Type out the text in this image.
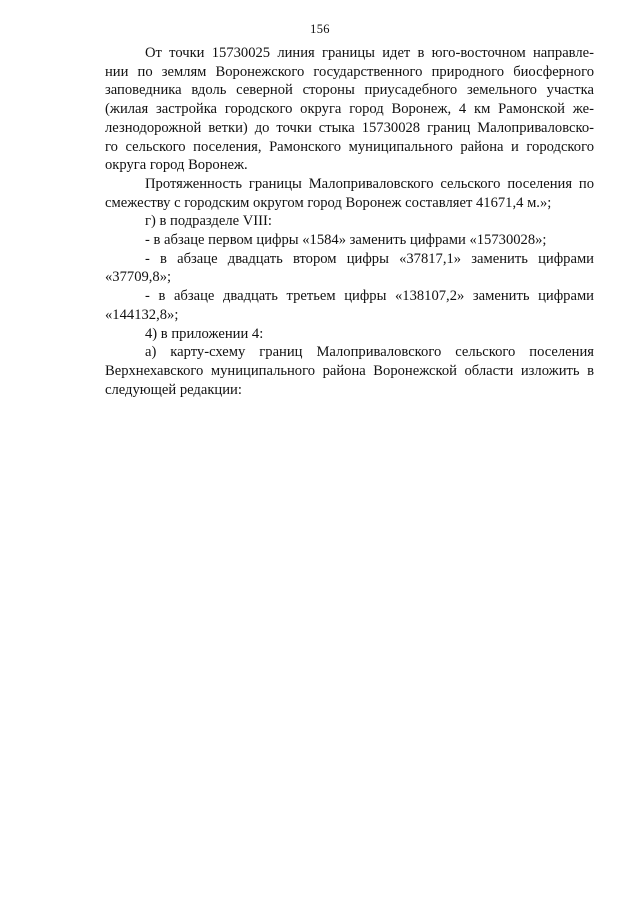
156

От точки 15730025 линия границы идет в юго-восточном направле-

нии по землям Воронежского государственного природного биосферного

заповедника вдоль северной стороны приусадебного земельного участка

(жилая застройка городского округа город Воронеж, 4 км Рамонской же-

лезнодорожной ветки) до точки стыка 15730028 границ Малоприваловско-

го сельского поселения, Рамонского муниципального района и городского

округа город Воронеж.

Протяженность границы Малоприваловского сельского поселения по

смежеству с городским округом город Воронеж составляет 41671,4 м.»;

г) в подразделе VIII:

- в абзаце первом цифры «1584» заменить цифрами «15730028»;

- в абзаце двадцать втором цифры «37817,1» заменить цифрами

«37709,8»;

- в абзаце двадцать третьем цифры «138107,2» заменить цифрами

«144132,8»;

4) в приложении 4:

а) карту-схему границ Малоприваловского сельского поселения

Верхнехавского муниципального района Воронежской области изложить в

следующей редакции:
